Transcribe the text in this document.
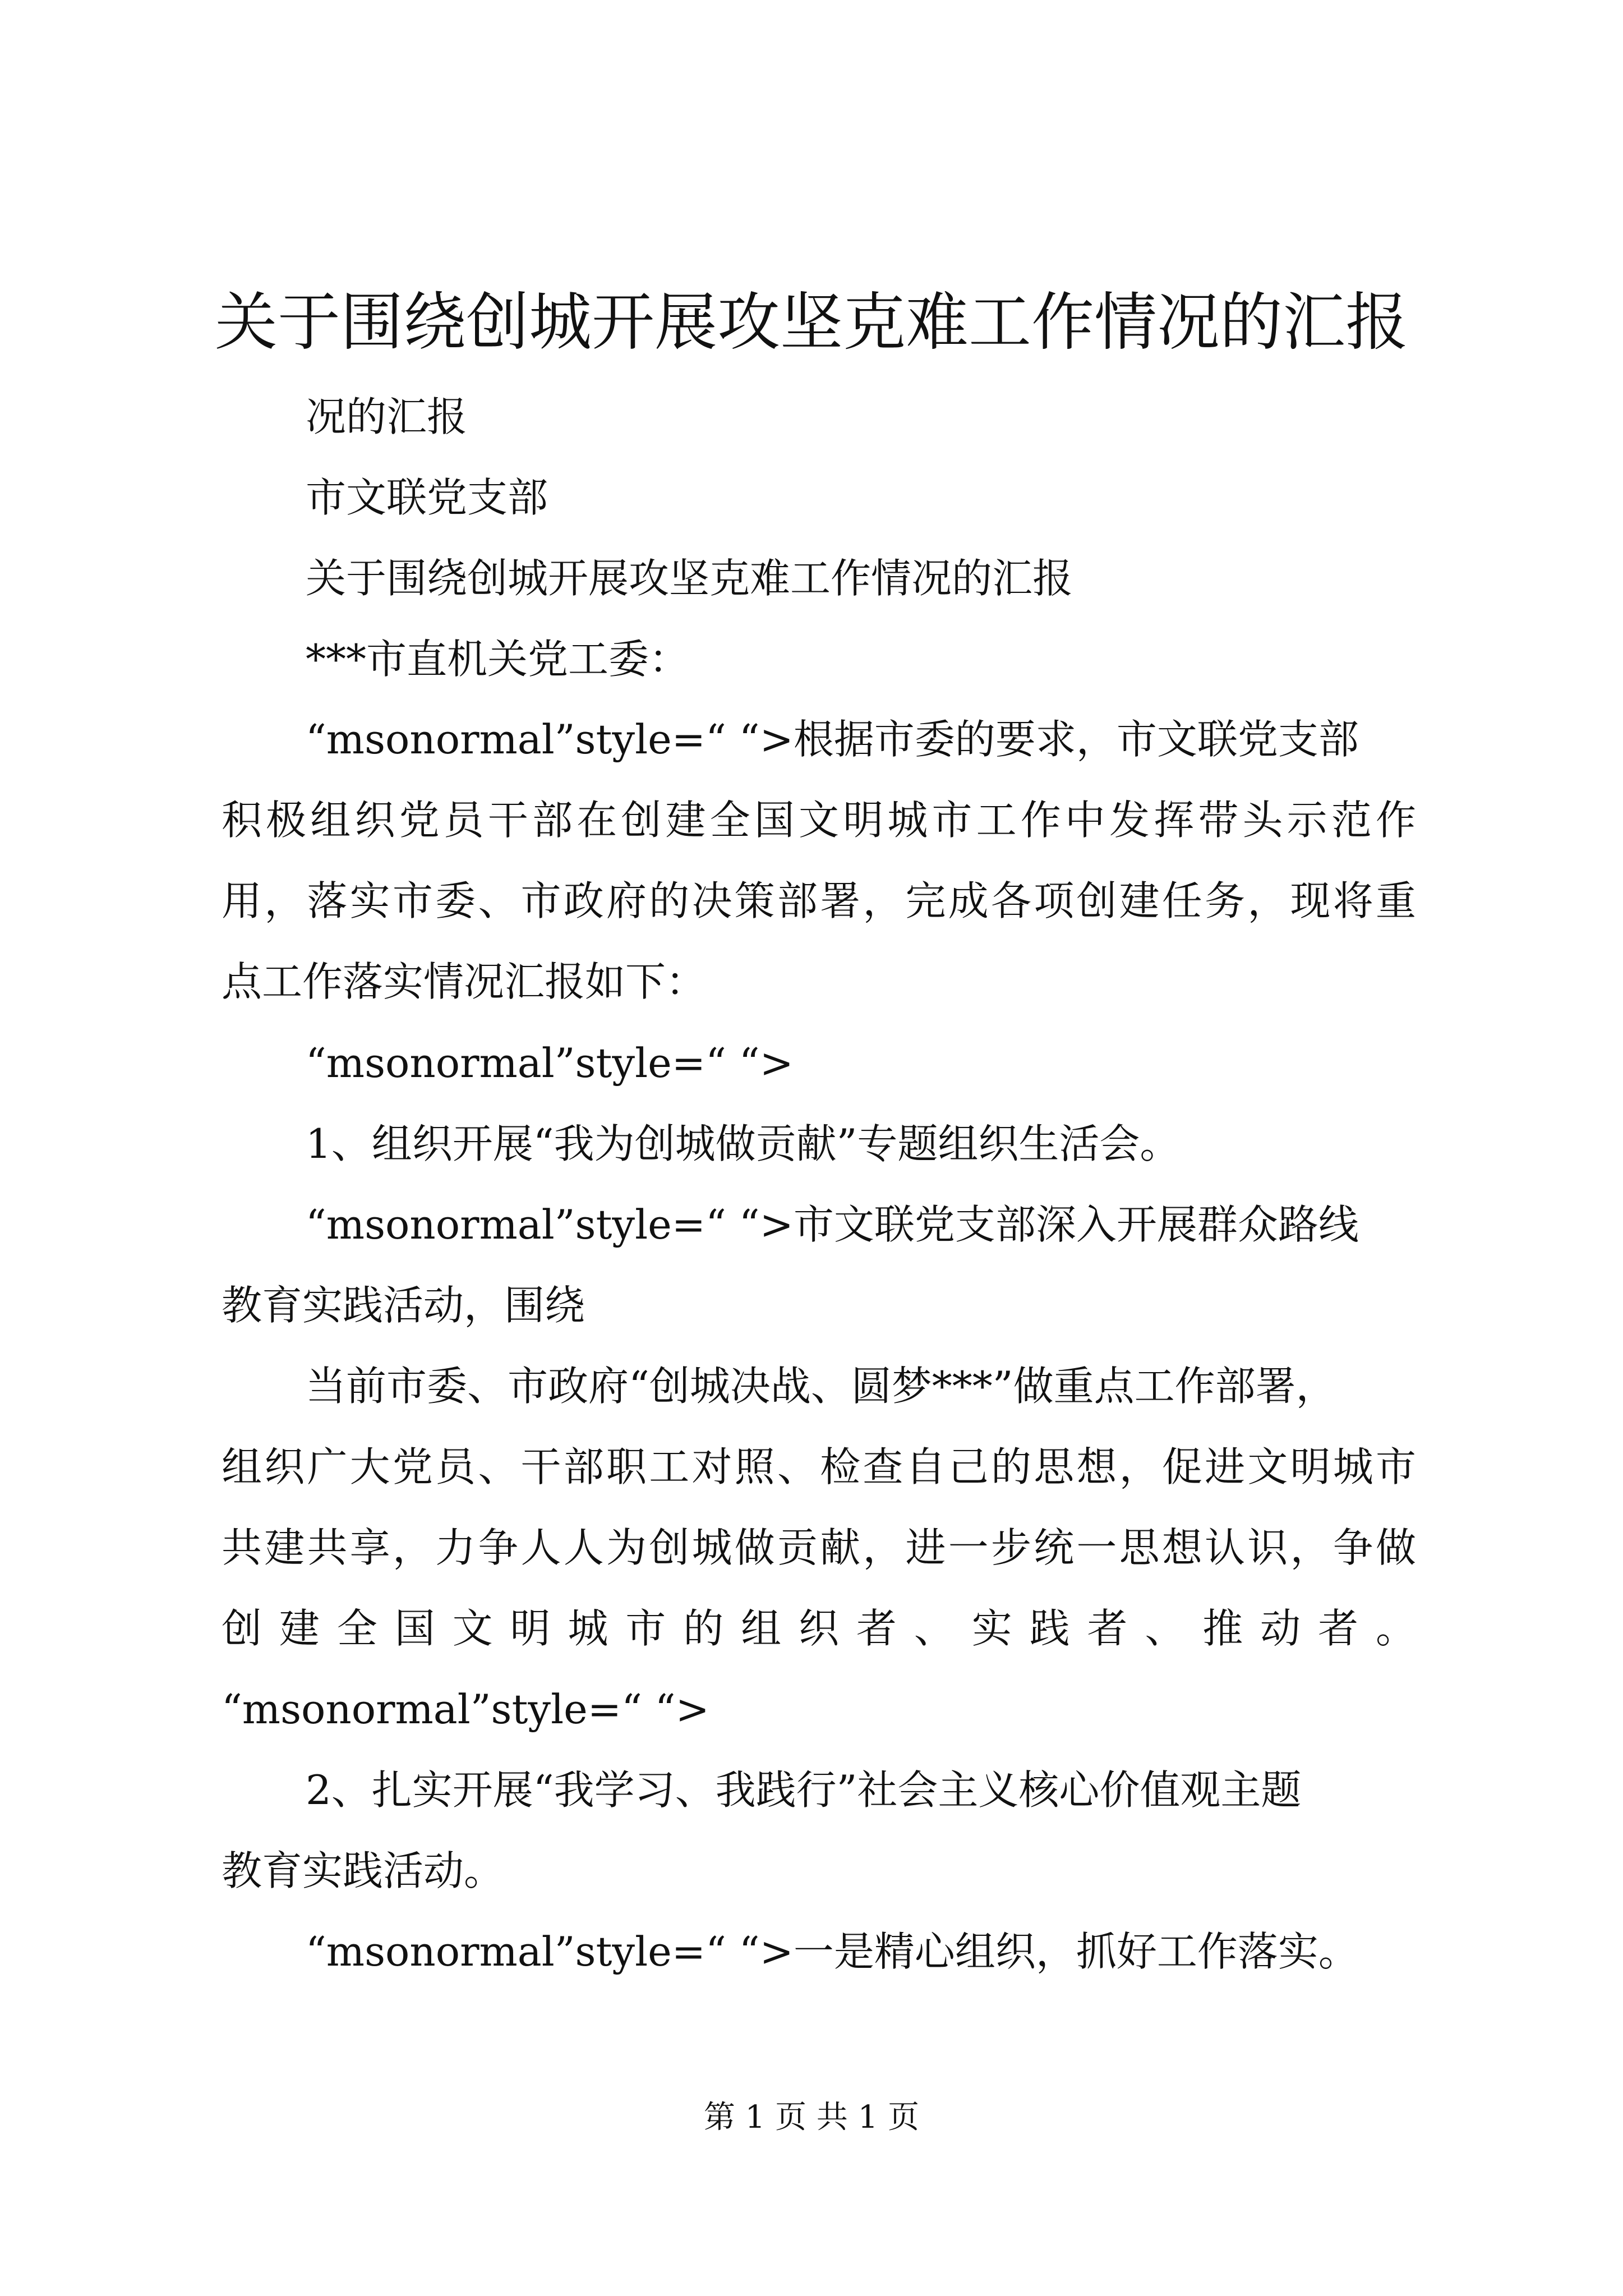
关于围绕创城开展攻坚克难工作情况的汇报
况的汇报
市文联党支部
关于围绕创城开展攻坚克难工作情况的汇报
***市直机关党工委：
“msonormal”style=“ “>根据市委的要求，市文联党支部
积极组织党员干部在创建全国文明城市工作中发挥带头示范作
用，落实市委、市政府的决策部署，完成各项创建任务，现将重
点工作落实情况汇报如下：
“msonormal”style=“ “>
1、组织开展“我为创城做贡献”专题组织生活会。
“msonormal”style=“ “>市文联党支部深入开展群众路线
教育实践活动，围绕
当前市委、市政府“创城决战、圆梦***”做重点工作部署，
组织广大党员、干部职工对照、检查自己的思想，促进文明城市
共建共享，力争人人为创城做贡献，进一步统一思想认识，争做
创建全国文明城市的组织者、实践者、推动者。
“msonormal”style=“ “>
2、扎实开展“我学习、我践行”社会主义核心价值观主题
教育实践活动。
“msonormal”style=“ “>一是精心组织，抓好工作落实。
第 1 页 共 1 页
